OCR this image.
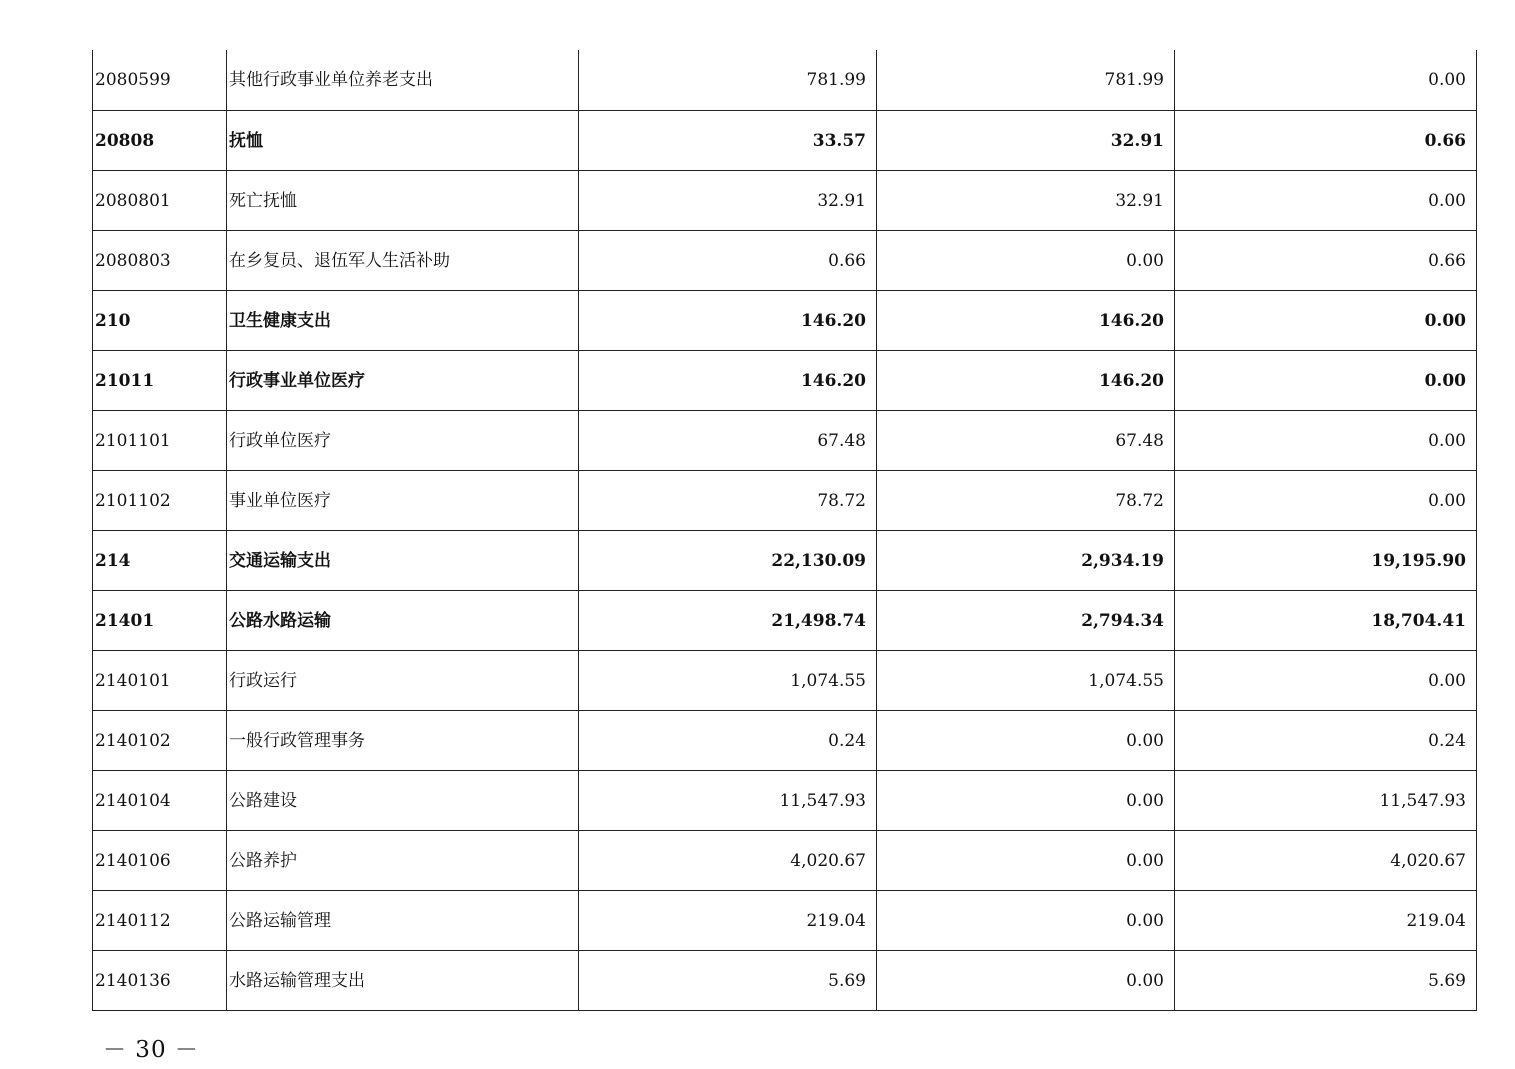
2080599	其他行政事业单位养老支出	781.99	781.99	0.00
20808	抚恤	33.57	32.91	0.66
2080801	死亡抚恤	32.91	32.91	0.00
2080803	在乡复员、退伍军人生活补助	0.66	0.00	0.66
210	卫生健康支出	146.20	146.20	0.00
21011	行政事业单位医疗	146.20	146.20	0.00
2101101	行政单位医疗	67.48	67.48	0.00
2101102	事业单位医疗	78.72	78.72	0.00
214	交通运输支出	22,130.09	2,934.19	19,195.90
21401	公路水路运输	21,498.74	2,794.34	18,704.41
2140101	行政运行	1,074.55	1,074.55	0.00
2140102	一般行政管理事务	0.24	0.00	0.24
2140104	公路建设	11,547.93	0.00	11,547.93
2140106	公路养护	4,020.67	0.00	4,020.67
2140112	公路运输管理	219.04	0.00	219.04
2140136	水路运输管理支出	5.69	0.00	5.69
－ 30 －
